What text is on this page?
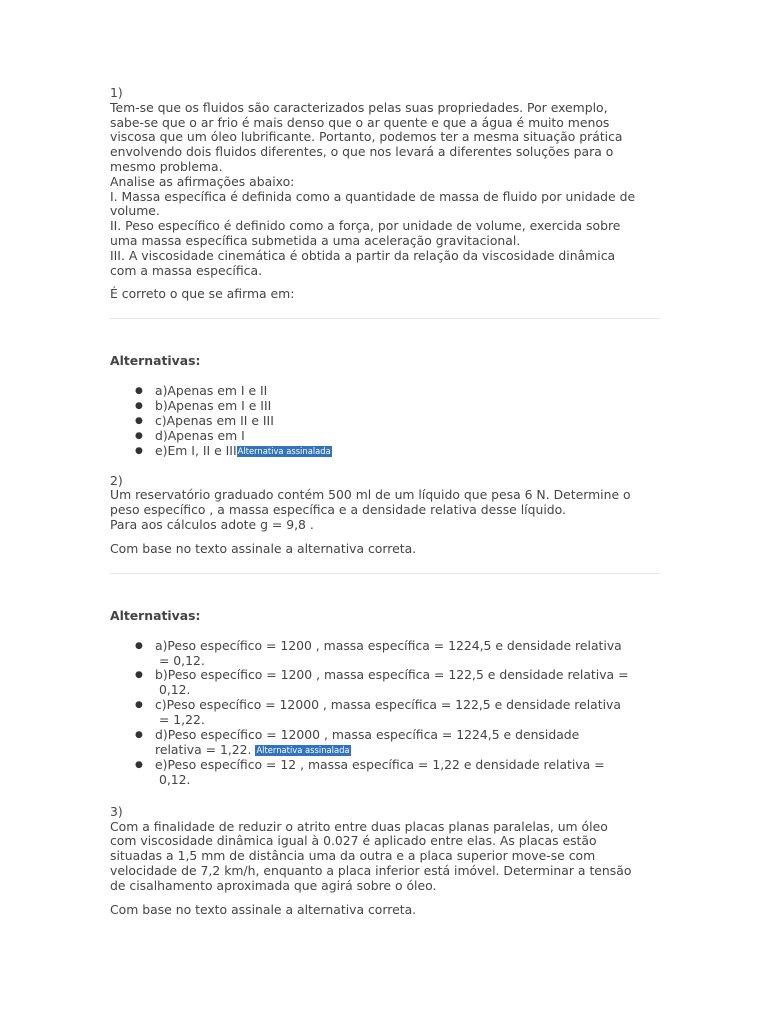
1)

Tem-se que os fluidos são caracterizados pelas suas propriedades. Por exemplo,

sabe-se que o ar frio é mais denso que o ar quente e que a água é muito menos

viscosa que um óleo lubrificante. Portanto, podemos ter a mesma situação prática

envolvendo dois fluidos diferentes, o que nos levará a diferentes soluções para o

mesmo problema.

Analise as afirmações abaixo:

I. Massa específica é definida como a quantidade de massa de fluido por unidade de

volume.

II. Peso específico é definido como a força, por unidade de volume, exercida sobre

uma massa específica submetida a uma aceleração gravitacional.

III. A viscosidade cinemática é obtida a partir da relação da viscosidade dinâmica

com a massa específica.

É correto o que se afirma em:

Alternativas:

● a)Apenas em I e II
● b)Apenas em I e III
● c)Apenas em II e III
● d)Apenas em I
● e)Em I, II e IIIAlternativa assinalada

2)

Um reservatório graduado contém 500 ml de um líquido que pesa 6 N. Determine o

peso específico , a massa específica e a densidade relativa desse líquido.

Para aos cálculos adote g = 9,8 .

Com base no texto assinale a alternativa correta.

Alternativas:

● a)Peso específico = 1200 , massa específica = 1224,5 e densidade relativa
= 0,12.
● b)Peso específico = 1200 , massa específica = 122,5 e densidade relativa =
0,12.
● c)Peso específico = 12000 , massa específica = 122,5 e densidade relativa
= 1,22.
● d)Peso específico = 12000 , massa específica = 1224,5 e densidade
relativa = 1,22. Alternativa assinalada
● e)Peso específico = 12 , massa específica = 1,22 e densidade relativa =
0,12.

3)

Com a finalidade de reduzir o atrito entre duas placas planas paralelas, um óleo

com viscosidade dinâmica igual à 0.027 é aplicado entre elas. As placas estão

situadas a 1,5 mm de distância uma da outra e a placa superior move-se com

velocidade de 7,2 km/h, enquanto a placa inferior está imóvel. Determinar a tensão

de cisalhamento aproximada que agirá sobre o óleo.

Com base no texto assinale a alternativa correta.
